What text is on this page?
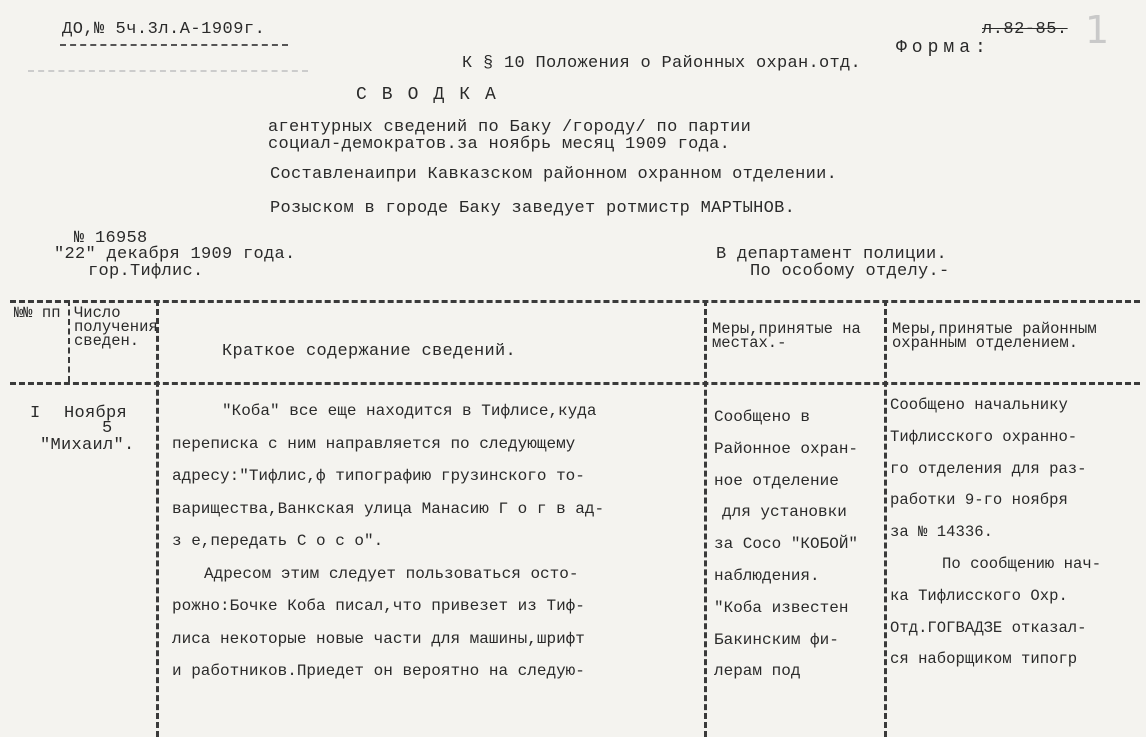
ДО,№ 5ч.3л.А-1909г.	л.82-85. 1
Форма:
К § 10 Положения о Районных охран.отд.
СВОДКА
агентурных сведений по Баку /городу/ по партии
социал-демократов.за ноябрь месяц 1909 года.
Составленаипри Кавказском районном охранном отделении.
Розыском в городе Баку заведует ротмистр МАРТЫНОВ.
№ 16958
"22" декабря 1909 года.
гор.Тифлис.
В департамент полиции.
По особому отделу.-
№№ пп Число получения сведен.
Краткое содержание сведений.
Меры,принятые на местах.-
Меры,принятые районным охранным отделением.
I Ноября
5
"Михаил".
"Коба" все еще находится в Тифлисе,куда
переписка с ним направляется по следующему
адресу:"Тифлис,ф типографию грузинского то-
варищества,Ванкская улица Манасию Г о г в ад-
з е,передать С о с о".
Адресом этим следует пользоваться осто-
рожно:Бочке Коба писал,что привезет из Тиф-
лиса некоторые новые части для машины,шрифт
и работников.Приедет он вероятно на следую-
Сообщено в
Районное охран-
ное отделение
для установки
за Сосо "КОБОЙ"
наблюдения.
"Коба известен
Бакинским фи-
лерам под
Сообщено начальнику
Тифлисского охранно-
го отделения для раз-
работки 9-го ноября
за № 14336.
По сообщению нач-
ка Тифлисского Охр.
Отд.ГОГВАДЗЕ отказал-
ся наборщиком типогр
